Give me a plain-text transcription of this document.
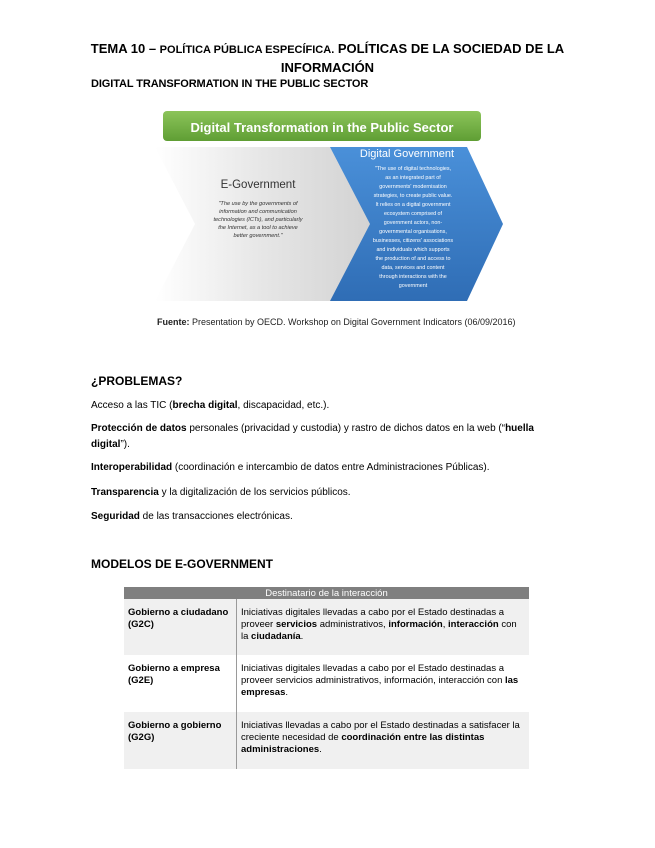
TEMA 10 – POLÍTICA PÚBLICA ESPECÍFICA. POLÍTICAS DE LA SOCIEDAD DE LA INFORMACIÓN
DIGITAL TRANSFORMATION IN THE PUBLIC SECTOR
Digital Transformation in the Public Sector
E-Government
"The use by the governments of
information and communication
technologies (ICTs), and particularly
the Internet, as a tool to achieve
better government."
Digital Government
"The use of digital technologies,
as an integrated part of
governments' modernisation
strategies, to create public value.
It relies on a digital government
ecosystem comprised of
government actors, non-
governmental organisations,
businesses, citizens' associations
and individuals which supports
the production of and access to
data, services and content
through interactions with the
government
Fuente: Presentation by OECD. Workshop on Digital Government Indicators (06/09/2016)
¿PROBLEMAS?
Acceso a las TIC (brecha digital, discapacidad, etc.).
Protección de datos personales (privacidad y custodia) y rastro de dichos datos en la web (“huella digital”).
Interoperabilidad (coordinación e intercambio de datos entre Administraciones Públicas).
Transparencia y la digitalización de los servicios públicos.
Seguridad de las transacciones electrónicas.
MODELOS DE E-GOVERNMENT
Destinatario de la interacción	
Gobierno a ciudadano (G2C)	Iniciativas digitales llevadas a cabo por el Estado destinadas a proveer servicios administrativos, información, interacción con la ciudadanía.
Gobierno a empresa (G2E)	Iniciativas digitales llevadas a cabo por el Estado destinadas a proveer servicios administrativos, información, interacción con las empresas.
Gobierno a gobierno (G2G)	Iniciativas llevadas a cabo por el Estado destinadas a satisfacer la creciente necesidad de coordinación entre las distintas administraciones.
